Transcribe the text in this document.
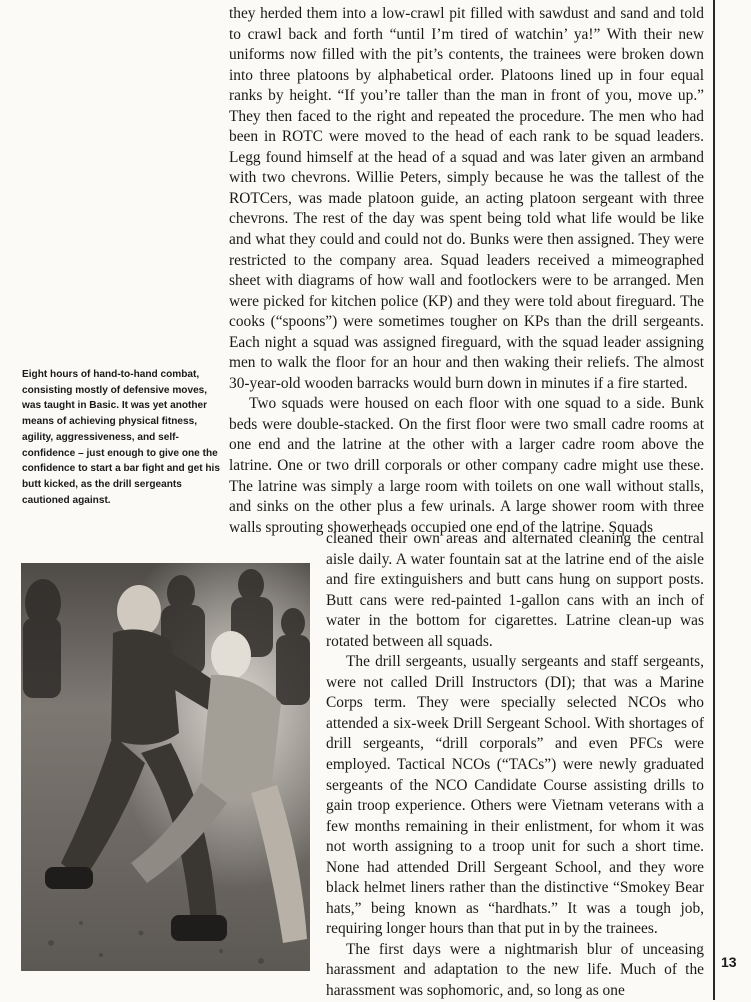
they herded them into a low-crawl pit filled with sawdust and sand and told to crawl back and forth “until I’m tired of watchin’ ya!” With their new uniforms now filled with the pit’s contents, the trainees were broken down into three platoons by alphabetical order. Platoons lined up in four equal ranks by height. “If you’re taller than the man in front of you, move up.” They then faced to the right and repeated the procedure. The men who had been in ROTC were moved to the head of each rank to be squad leaders. Legg found himself at the head of a squad and was later given an armband with two chevrons. Willie Peters, simply because he was the tallest of the ROTCers, was made platoon guide, an acting platoon sergeant with three chevrons. The rest of the day was spent being told what life would be like and what they could and could not do. Bunks were then assigned. They were restricted to the company area. Squad leaders received a mimeographed sheet with diagrams of how wall and footlockers were to be arranged. Men were picked for kitchen police (KP) and they were told about fireguard. The cooks (“spoons”) were sometimes tougher on KPs than the drill sergeants. Each night a squad was assigned fireguard, with the squad leader assigning men to walk the floor for an hour and then waking their reliefs. The almost 30-year-old wooden barracks would burn down in minutes if a fire started.

Two squads were housed on each floor with one squad to a side. Bunk beds were double-stacked. On the first floor were two small cadre rooms at one end and the latrine at the other with a larger cadre room above the latrine. One or two drill corporals or other company cadre might use these. The latrine was simply a large room with toilets on one wall without stalls, and sinks on the other plus a few urinals. A large shower room with three walls sprouting showerheads occupied one end of the latrine. Squads

cleaned their own areas and alternated cleaning the central aisle daily. A water fountain sat at the latrine end of the aisle and fire extinguishers and butt cans hung on support posts. Butt cans were red-painted 1-gallon cans with an inch of water in the bottom for cigarettes. Latrine clean-up was rotated between all squads.

The drill sergeants, usually sergeants and staff sergeants, were not called Drill Instructors (DI); that was a Marine Corps term. They were specially selected NCOs who attended a six-week Drill Sergeant School. With shortages of drill sergeants, “drill corporals” and even PFCs were employed. Tactical NCOs (“TACs”) were newly graduated sergeants of the NCO Candidate Course assisting drills to gain troop experience. Others were Vietnam veterans with a few months remaining in their enlistment, for whom it was not worth assigning to a troop unit for such a short time. None had attended Drill Sergeant School, and they wore black helmet liners rather than the distinctive “Smokey Bear hats,” being known as “hardhats.” It was a tough job, requiring longer hours than that put in by the trainees.

The first days were a nightmarish blur of unceasing harassment and adaptation to the new life. Much of the harassment was sophomoric, and, so long as one

Eight hours of hand-to-hand combat, consisting mostly of defensive moves, was taught in Basic. It was yet another means of achieving physical fitness, agility, aggressiveness, and self-confidence – just enough to give one the confidence to start a bar fight and get his butt kicked, as the drill sergeants cautioned against.
13
